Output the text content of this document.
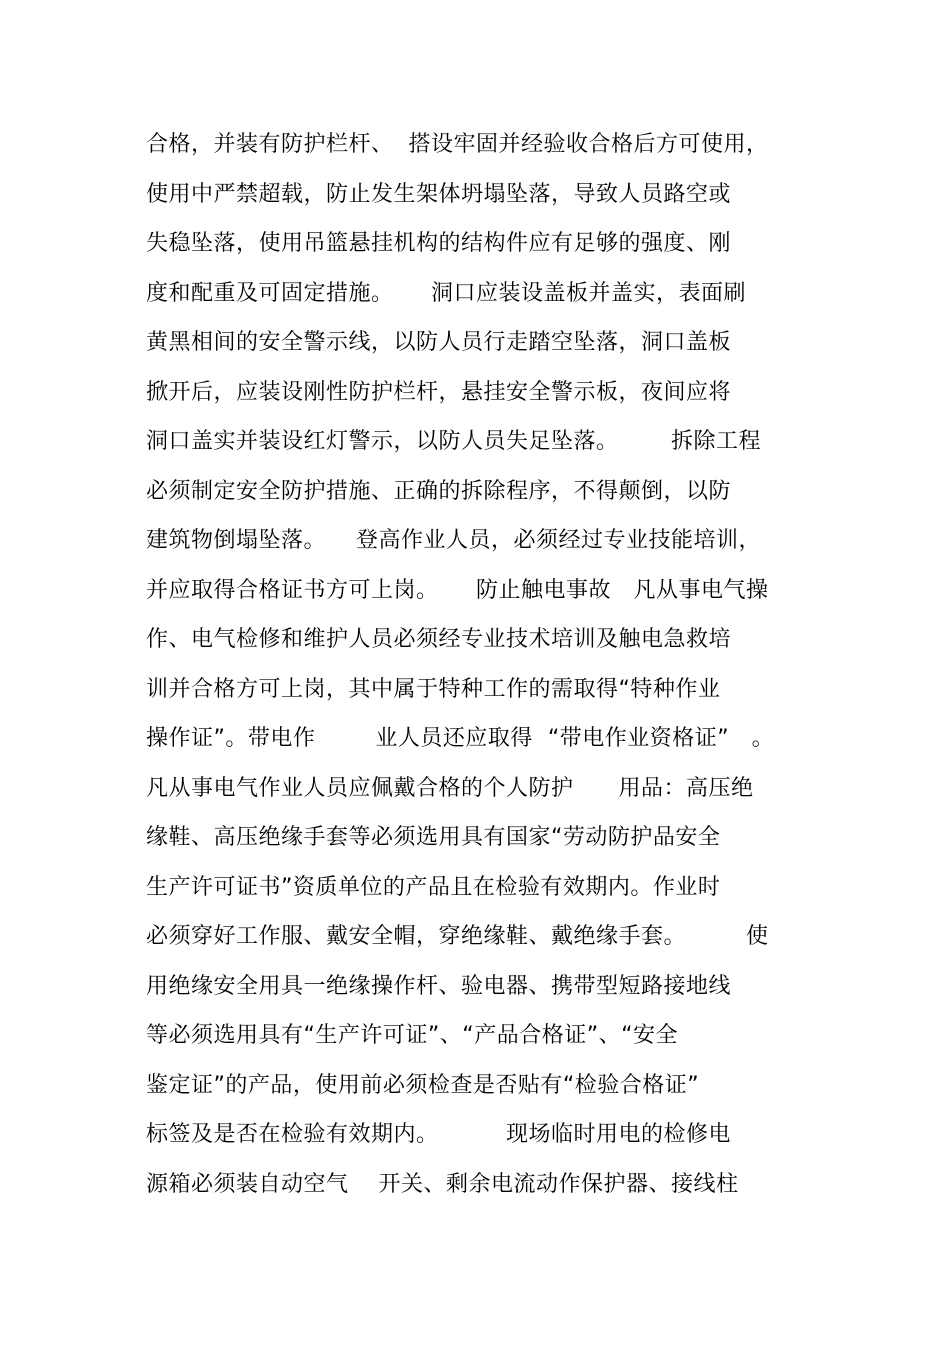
合格，并装有防护栏杆、  搭设牢固并经验收合格后方可使用，
使用中严禁超载，防止发生架体坍塌坠落，导致人员路空或
失稳坠落，使用吊篮悬挂机构的结构件应有足够的强度、刚
度和配重及可固定措施。     洞口应装设盖板并盖实，表面刷
黄黑相间的安全警示线，以防人员行走踏空坠落，洞口盖板
掀开后，应装设刚性防护栏杆，悬挂安全警示板，夜间应将
洞口盖实并装设红灯警示，以防人员失足坠落。       拆除工程
必须制定安全防护措施、正确的拆除程序，不得颠倒，以防
建筑物倒塌坠落。    登高作业人员，必须经过专业技能培训，
并应取得合格证书方可上岗。     防止触电事故   凡从事电气操
作、电气检修和维护人员必须经专业技术培训及触电急救培
训并合格方可上岗，其中属于特种工作的需取得“特种作业
操作证”。带电作        业人员还应取得  “带电作业资格证”   。
凡从事电气作业人员应佩戴合格的个人防护      用品：高压绝
缘鞋、高压绝缘手套等必须选用具有国家“劳动防护品安全
生产许可证书”资质单位的产品且在检验有效期内。作业时
必须穿好工作服、戴安全帽，穿绝缘鞋、戴绝缘手套。        使
用绝缘安全用具一绝缘操作杆、验电器、携带型短路接地线
等必须选用具有“生产许可证”、“产品合格证”、“安全
鉴定证”的产品，使用前必须检查是否贴有“检验合格证”
标签及是否在检验有效期内。         现场临时用电的检修电
源箱必须装自动空气    开关、剩余电流动作保护器、接线柱
